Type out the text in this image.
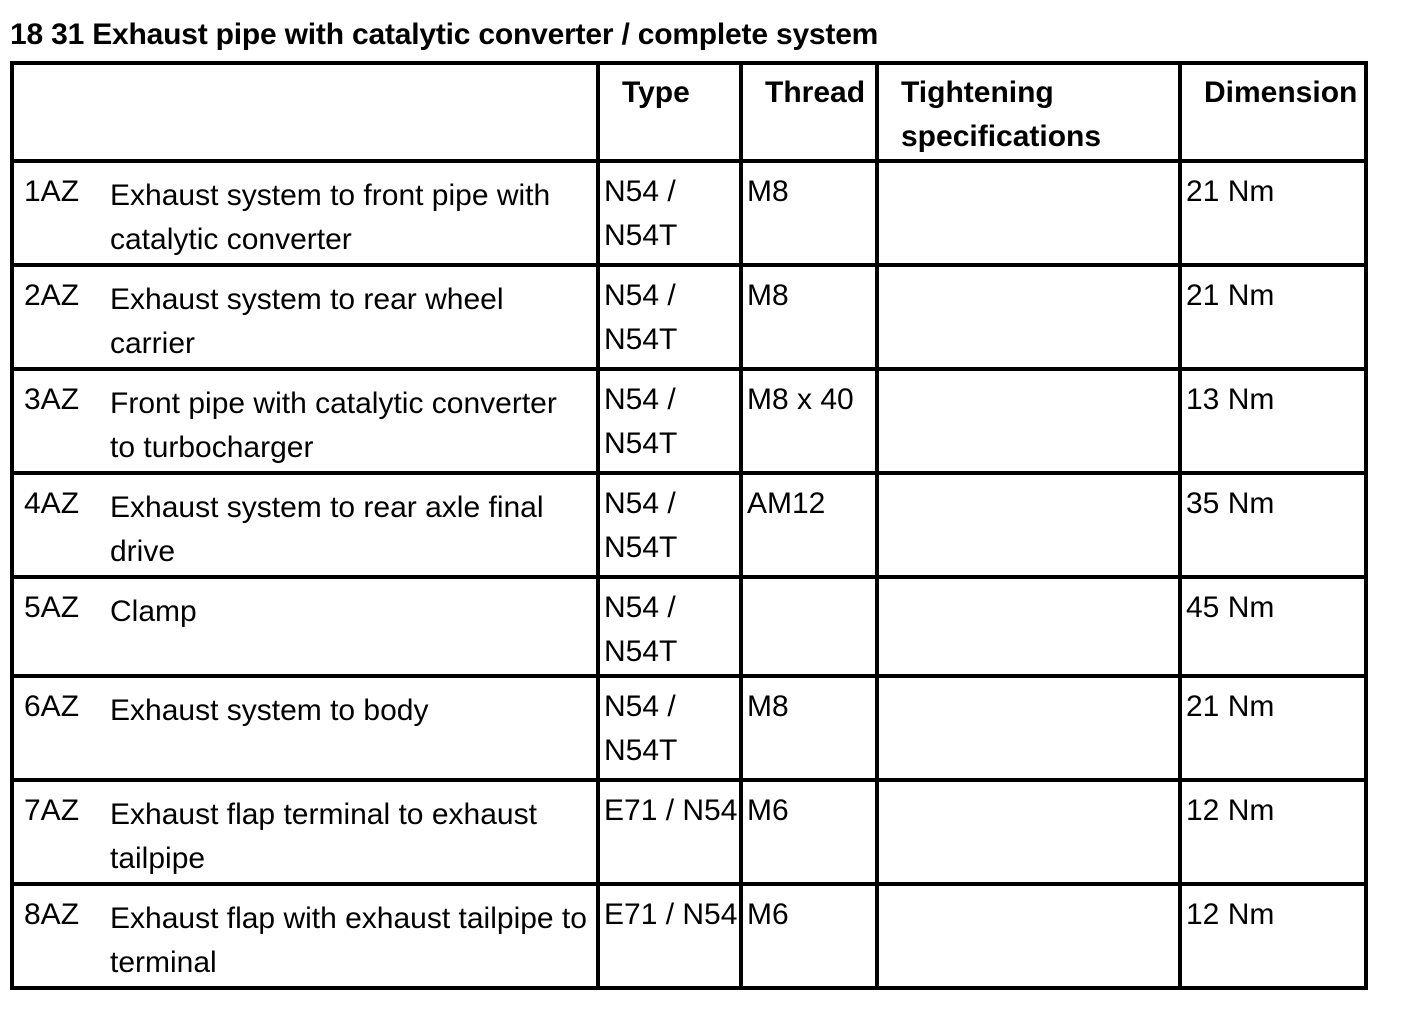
18 31 Exhaust pipe with catalytic converter / complete system

	Type	Thread	Tightening specifications	Dimension

1AZ Exhaust system to front pipe with catalytic converter	N54 / N54T	M8		21 Nm

2AZ Exhaust system to rear wheel carrier	N54 / N54T	M8		21 Nm

3AZ Front pipe with catalytic converter to turbocharger	N54 / N54T	M8 x 40		13 Nm

4AZ Exhaust system to rear axle final drive	N54 / N54T	AM12		35 Nm

5AZ Clamp	N54 / N54T			45 Nm

6AZ Exhaust system to body	N54 / N54T	M8		21 Nm

7AZ Exhaust flap terminal to exhaust tailpipe	E71 / N54	M6		12 Nm

8AZ Exhaust flap with exhaust tailpipe to terminal	E71 / N54	M6		12 Nm
